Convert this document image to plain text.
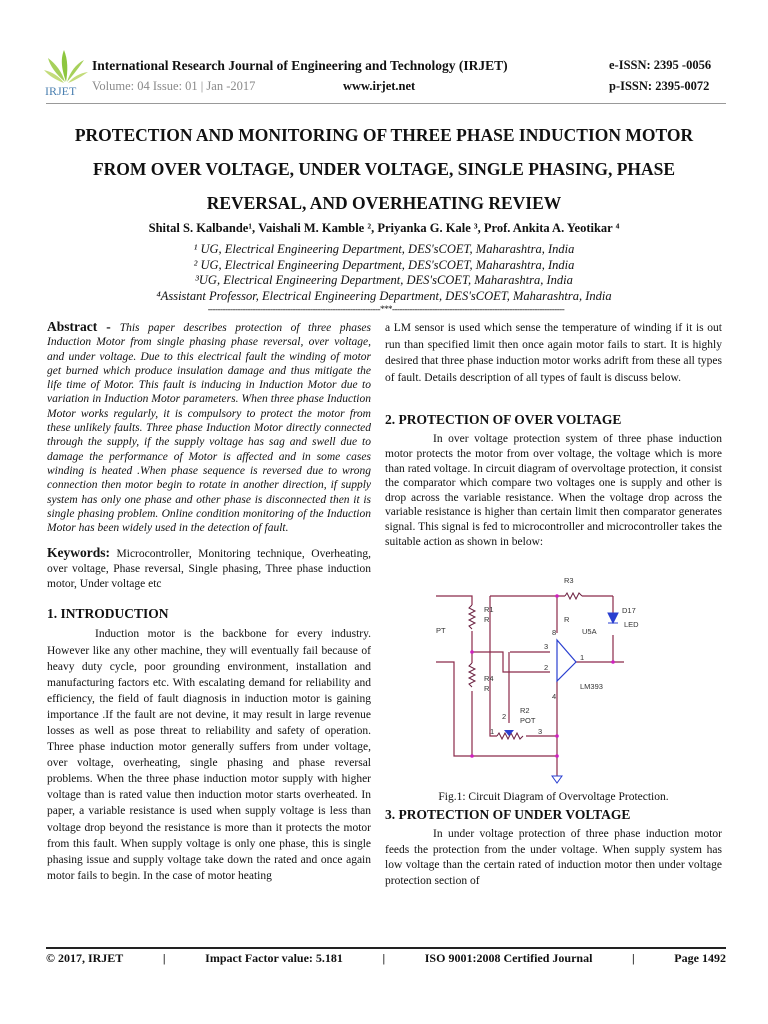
IRJET
International Research Journal of Engineering and Technology (IRJET)
Volume: 04 Issue: 01 | Jan -2017	www.irjet.net
e-ISSN: 2395 -0056
p-ISSN: 2395-0072
PROTECTION AND MONITORING OF THREE PHASE INDUCTION MOTOR
FROM OVER VOLTAGE, UNDER VOLTAGE, SINGLE PHASING, PHASE
REVERSAL, AND OVERHEATING REVIEW
Shital S. Kalbande¹, Vaishali M. Kamble ², Priyanka G. Kale ³, Prof. Ankita A. Yeotikar ⁴
¹ UG, Electrical Engineering Department, DES'sCOET, Maharashtra, India
² UG, Electrical Engineering Department, DES'sCOET, Maharashtra, India
³UG, Electrical Engineering Department, DES'sCOET, Maharashtra, India
⁴Assistant Professor, Electrical Engineering Department, DES'sCOET, Maharashtra, India
---------------------------------------------------------------------***---------------------------------------------------------------------

Abstract - This paper describes protection of three phases Induction Motor from single phasing phase reversal, over voltage, and under voltage. Due to this electrical fault the winding of motor get burned which produce insulation damage and thus mitigate the life time of Motor. This fault is inducing in Induction Motor due to variation in Induction Motor parameters. When three phase Induction Motor works regularly, it is compulsory to protect the motor from these unlikely faults. Three phase Induction Motor directly connected through the supply, if the supply voltage has sag and swell due to damage the performance of Motor is affected and in some cases winding is heated .When phase sequence is reversed due to wrong connection then motor begin to rotate in another direction, if supply system has only one phase and other phase is disconnected then it is single phasing problem. Online condition monitoring of the Induction Motor has been widely used in the detection of fault.

Keywords: Microcontroller, Monitoring technique, Overheating, over voltage, Phase reversal, Single phasing, Three phase induction motor, Under voltage etc

1. INTRODUCTION

Induction motor is the backbone for every industry. However like any other machine, they will eventually fail because of heavy duty cycle, poor grounding environment, installation and manufacturing factors etc. With escalating demand for reliability and efficiency, the field of fault diagnosis in induction motor is gaining importance .If the fault are not devine, it may result in large revenue losses as well as pose threat to reliability and safety of operation. Three phase induction motor generally suffers from under voltage, over voltage, overheating, single phasing and phase reversal problems. When the three phase induction motor supply with higher voltage than is rated value then induction motor starts overheated. In paper, a variable resistance is used when supply voltage is less than voltage drop beyond the resistance is more than it protects the motor from this fault. When supply voltage is only one phase, this is single phasing issue and supply voltage take down the rated and once again motor fails to begin. In the case of motor heating

a LM sensor is used which sense the temperature of winding if it is out run than specified limit then once again motor fails to start. It is highly desired that three phase induction motor works adrift from these all types of fault. Details description of all types of fault is discuss below.

2. PROTECTION OF OVER VOLTAGE

In over voltage protection system of three phase induction motor protects the motor from over voltage, the voltage which is more than rated voltage. In circuit diagram of overvoltage protection, it consist the comparator which compare two voltages one is supply and other is drop across the variable resistance. When the voltage drop across the variable resistance is higher than certain limit then comparator generates signal. This signal is fed to microcontroller and microcontroller takes the suitable action as shown in below:

R3
R
D17
LED
U5A
R1
R
PT
R4
R
3
2
1
8
4
LM393
R2
POT
1
2
3
Fig.1: Circuit Diagram of Overvoltage Protection.
3. PROTECTION OF UNDER VOLTAGE

In under voltage protection of three phase induction motor feeds the protection from the under voltage. When supply system has low voltage than the certain rated of induction motor then under voltage protection section of

© 2017, IRJET	|	Impact Factor value: 5.181	|	ISO 9001:2008 Certified Journal	|	Page 1492
